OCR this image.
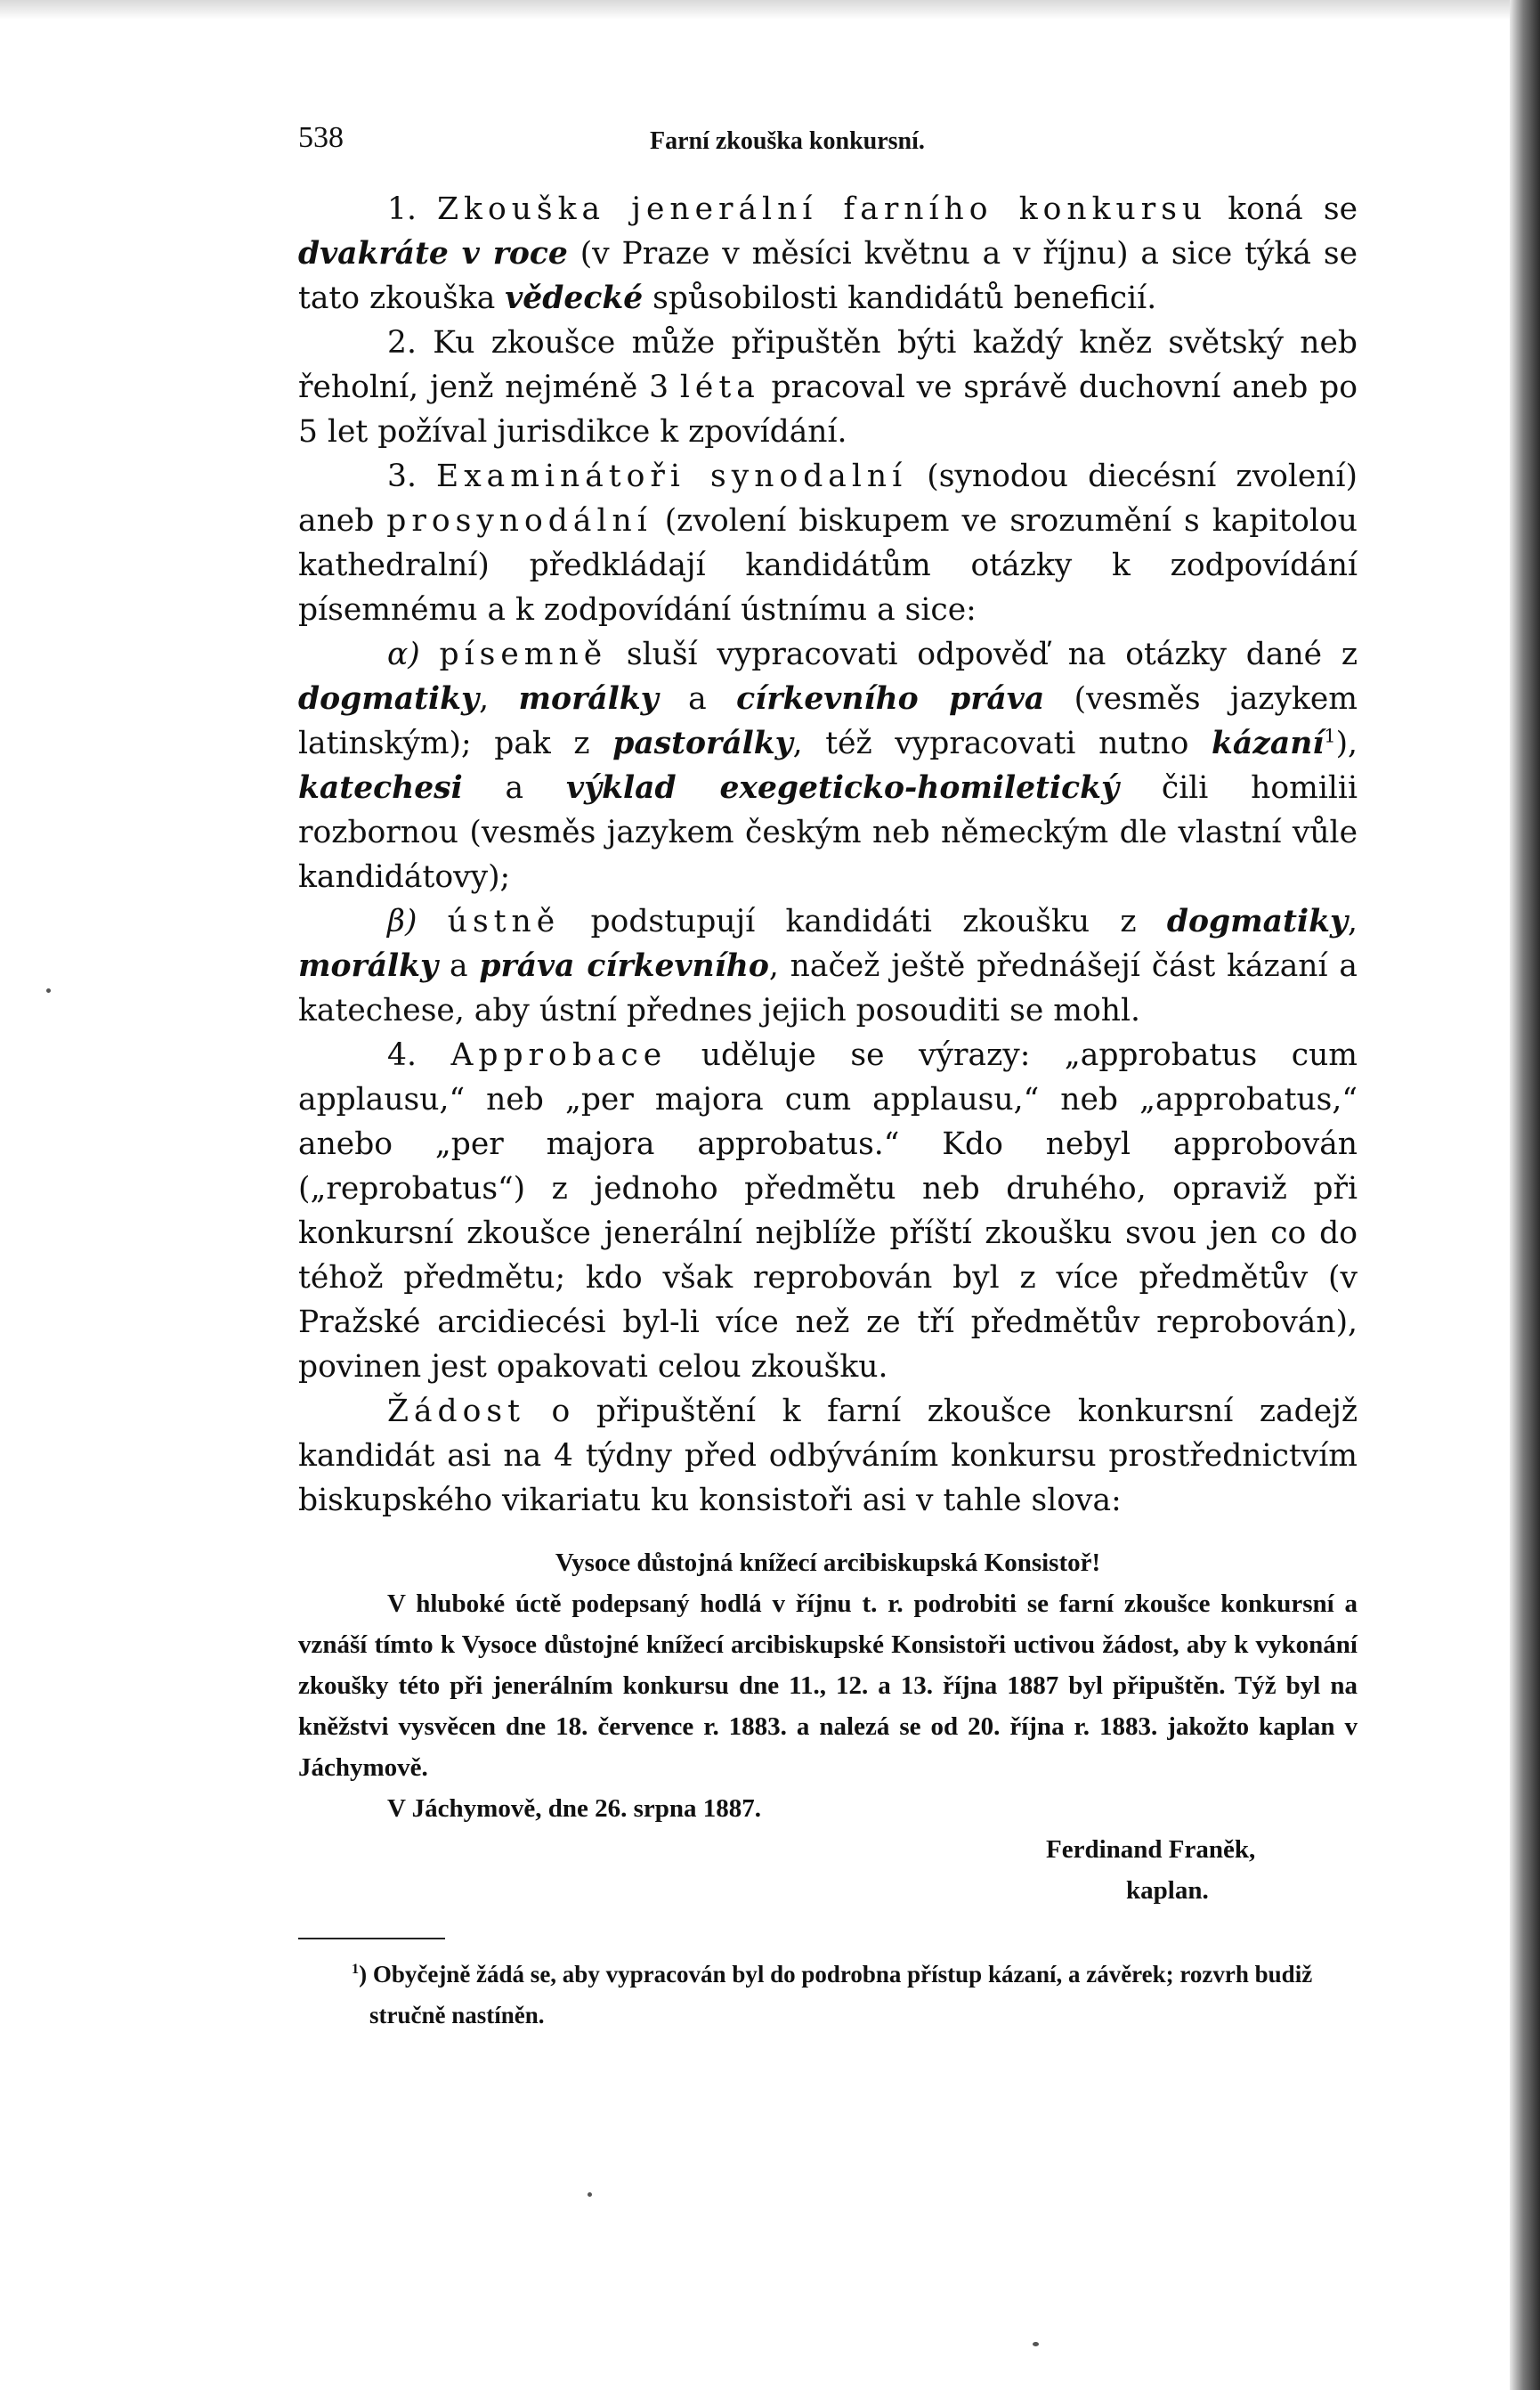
538	Farní zkouška konkursní.

1. Zkouška jenerální farního konkursu koná se dvakráte v roce (v Praze v měsíci květnu a v říjnu) a sice týká se tato zkouška vědecké spůsobilosti kandidátů beneficií.

2. Ku zkoušce může připuštěn býti každý kněz světský neb řeholní, jenž nejméně 3 léta pracoval ve správě duchovní aneb po 5 let požíval jurisdikce k zpovídání.

3. Examinátoři synodalní (synodou diecésní zvolení) aneb prosynodální (zvolení biskupem ve srozumění s kapitolou kathedralní) předkládají kandidátům otázky k zodpovídání písemnému a k zodpovídání ústnímu a sice:

α) písemně sluší vypracovati odpověď na otázky dané z dogmatiky, morálky a církevního práva (vesměs jazykem latinským); pak z pastorálky, též vypracovati nutno kázaní$^1$), katechesi a výklad exegeticko-homiletický čili homilii rozbornou (vesměs jazykem českým neb německým dle vlastní vůle kandidátovy);

β) ústně podstupují kandidáti zkoušku z dogmatiky, morálky a práva církevního, načež ještě přednášejí část kázaní a katechese, aby ústní přednes jejich posouditi se mohl.

4. Approbace uděluje se výrazy: „approbatus cum applausu,“ neb „per majora cum applausu,“ neb „approbatus,“ anebo „per majora approbatus.“ Kdo nebyl approbován („reprobatus“) z jednoho předmětu neb druhého, opraviž při konkursní zkoušce jenerální nejblíže příští zkoušku svou jen co do téhož předmětu; kdo však reprobován byl z více předmětův (v Pražské arcidiecési byl-li více než ze tří předmětův reprobován), povinen jest opakovati celou zkoušku.

Žádost o připuštění k farní zkoušce konkursní zadejž kandidát asi na 4 týdny před odbýváním konkursu prostřednictvím biskupského vikariatu ku konsistoři asi v tahle slova:

Vysoce důstojná knížecí arcibiskupská Konsistoř!

V hluboké úctě podepsaný hodlá v říjnu t. r. podrobiti se farní zkoušce konkursní a vznáší tímto k Vysoce důstojné knížecí arcibiskupské Konsistoři uctivou žádost, aby k vykonání zkoušky této při jenerálním konkursu dne 11., 12. a 13. října 1887 byl připuštěn. Týž byl na kněžstvi vysvěcen dne 18. července r. 1883. a nalezá se od 20. října r. 1883. jakožto kaplan v Jáchymově.

V Jáchymově, dne 26. srpna 1887.

Ferdinand Franěk,
kaplan.

$^1$) Obyčejně žádá se, aby vypracován byl do podrobna přístup kázaní, a závěrek; rozvrh budiž stručně nastíněn.
